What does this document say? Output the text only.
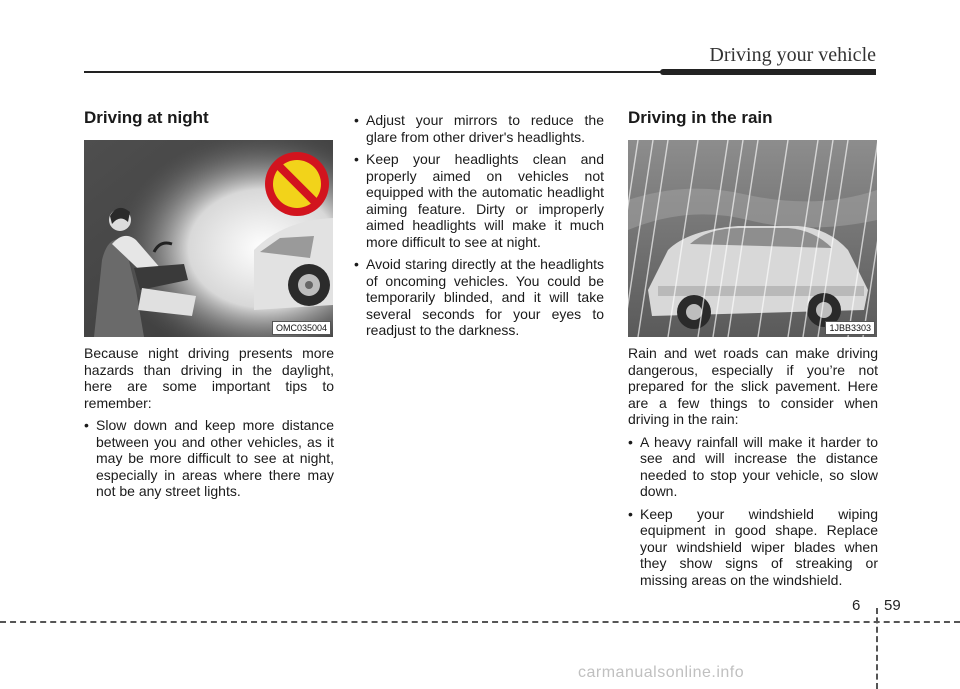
Driving your vehicle
Driving at night
OMC035004

Because night driving presents more hazards than driving in the daylight, here are some important tips to remember:

• Slow down and keep more distance between you and other vehicles, as it may be more difficult to see at night, especially in areas where there may not be any street lights.
• Adjust your mirrors to reduce the glare from other driver's headlights.
• Keep your headlights clean and properly aimed on vehicles not equipped with the automatic headlight aiming feature. Dirty or improperly aimed headlights will make it much more difficult to see at night.
• Avoid staring directly at the headlights of oncoming vehicles. You could be temporarily blinded, and it will take several seconds for your eyes to readjust to the darkness.
Driving in the rain
1JBB3303

Rain and wet roads can make driving dangerous, especially if you’re not prepared for the slick pavement. Here are a few things to consider when driving in the rain:

• A heavy rainfall will make it harder to see and will increase the distance needed to stop your vehicle, so slow down.
• Keep your windshield wiping equipment in good shape. Replace your windshield wiper blades when they show signs of streaking or missing areas on the windshield.
6 59
carmanualsonline.info
